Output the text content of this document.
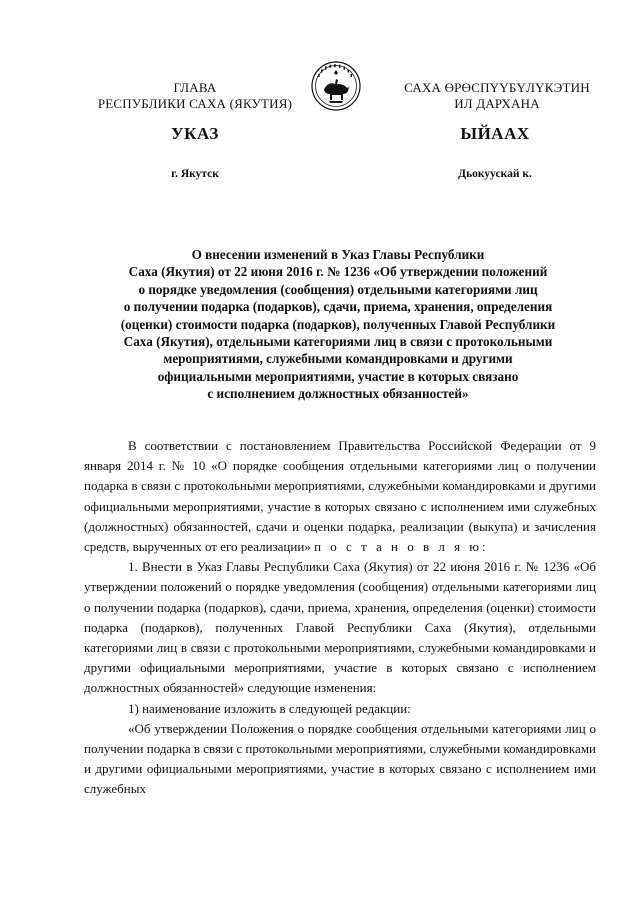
ГЛАВА
РЕСПУБЛИКИ САХА (ЯКУТИЯ)
САХА ӨРӨСПҮҮБҮЛҮКЭТИН
ИЛ ДАРХАНА
УКАЗ	ЫЙААХ
г. Якутск	Дьокуускай к.
О внесении изменений в Указ Главы Республики
Саха (Якутия) от 22 июня 2016 г. № 1236 «Об утверждении положений
о порядке уведомления (сообщения) отдельными категориями лиц
о получении подарка (подарков), сдачи, приема, хранения, определения
(оценки) стоимости подарка (подарков), полученных Главой Республики
Саха (Якутия), отдельными категориями лиц в связи с протокольными
мероприятиями, служебными командировками и другими
официальными мероприятиями, участие в которых связано
с исполнением должностных обязанностей»

В соответствии с постановлением Правительства Российской Федерации от 9 января 2014 г. № 10 «О порядке сообщения отдельными категориями лиц о получении подарка в связи с протокольными мероприятиями, служебными командировками и другими официальными мероприятиями, участие в которых связано с исполнением ими служебных (должностных) обязанностей, сдачи и оценки подарка, реализации (выкупа) и зачисления средств, вырученных от его реализации» п о с т а н о в л я ю:

1. Внести в Указ Главы Республики Саха (Якутия) от 22 июня 2016 г. № 1236 «Об утверждении положений о порядке уведомления (сообщения) отдельными категориями лиц о получении подарка (подарков), сдачи, приема, хранения, определения (оценки) стоимости подарка (подарков), полученных Главой Республики Саха (Якутия), отдельными категориями лиц в связи с протокольными мероприятиями, служебными командировками и другими официальными мероприятиями, участие в которых связано с исполнением должностных обязанностей» следующие изменения:

1) наименование изложить в следующей редакции:

«Об утверждении Положения о порядке сообщения отдельными категориями лиц о получении подарка в связи с протокольными мероприятиями, служебными командировками и другими официальными мероприятиями, участие в которых связано с исполнением ими служебных
